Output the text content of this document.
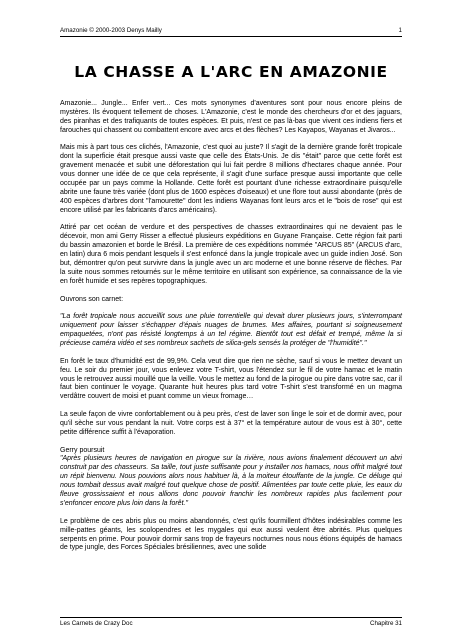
Amazonie © 2000-2003 Denys Mailly	1
LA CHASSE A L'ARC EN AMAZONIE

Amazonie... Jungle... Enfer vert... Ces mots synonymes d'aventures sont pour nous encore pleins de mystères. Ils évoquent tellement de choses. L'Amazonie, c'est le monde des chercheurs d'or et des jaguars, des piranhas et des trafiquants de toutes espèces. Et puis, n'est ce pas là-bas que vivent ces indiens fiers et farouches qui chassent ou combattent encore avec arcs et des flèches? Les Kayapos, Wayanas et Jivaros...

Mais mis à part tous ces clichés, l'Amazonie, c'est quoi au juste? Il s'agit de la dernière grande forêt tropicale dont la superficie était presque aussi vaste que celle des États-Unis. Je dis "était" parce que cette forêt est gravement menacée et subit une déforestation qui lui fait perdre 8 millions d'hectares chaque année. Pour vous donner une idée de ce que cela représente, il s'agit d'une surface presque aussi importante que celle occupée par un pays comme la Hollande. Cette forêt est pourtant d'une richesse extraordinaire puisqu'elle abrite une faune très variée (dont plus de 1600 espèces d'oiseaux) et une flore tout aussi abondante (près de 400 espèces d'arbres dont "l'amourette" dont les indiens Wayanas font leurs arcs et le "bois de rose" qui est encore utilisé par les fabricants d'arcs américains).

Attiré par cet océan de verdure et des perspectives de chasses extraordinaires qui ne devaient pas le décevoir, mon ami Gerry Risser a effectué plusieurs expéditions en Guyane Française. Cette région fait parti du bassin amazonien et borde le Brésil. La première de ces expéditions nommée "ARCUS 85" (ARCUS d'arc, en latin) dura 6 mois pendant lesquels il s'est enfoncé dans la jungle tropicale avec un guide indien José. Son but, démontrer qu'on peut survivre dans la jungle avec un arc moderne et une bonne réserve de flèches. Par la suite nous sommes retournés sur le même territoire en utilisant son expérience, sa connaissance de la vie en forêt humide et ses repères topographiques.

Ouvrons son carnet:

"La forêt tropicale nous accueillit sous une pluie torrentielle qui devait durer plusieurs jours, s'interrompant uniquement pour laisser s'échapper d'épais nuages de brumes. Mes affaires, pourtant si soigneusement empaquetées, n'ont pas résisté longtemps à un tel régime. Bientôt tout est défait et trempé, même la si précieuse caméra vidéo et ses nombreux sachets de silica-gels sensés la protéger de "l'humidité"."

En forêt le taux d'humidité est de 99,9%. Cela veut dire que rien ne sèche, sauf si vous le mettez devant un feu. Le soir du premier jour, vous enlevez votre T-shirt, vous l'étendez sur le fil de votre hamac et le matin vous le retrouvez aussi mouillé que la veille. Vous le mettez au fond de la pirogue ou pire dans votre sac, car il faut bien continuer le voyage. Quarante huit heures plus tard votre T-shirt s'est transformé en un magma verdâtre couvert de moisi et puant comme un vieux fromage…

La seule façon de vivre confortablement ou à peu près, c'est de laver son linge le soir et de dormir avec, pour qu'il sèche sur vous pendant la nuit. Votre corps est à 37° et la température autour de vous est à 30°, cette petite différence suffit à l'évaporation.

Gerry poursuit

"Après plusieurs heures de navigation en pirogue sur la rivière, nous avions finalement découvert un abri construit par des chasseurs. Sa taille, tout juste suffisante pour y installer nos hamacs, nous offrit malgré tout un répit bienvenu. Nous pouvions alors nous habituer là, à la moiteur étouffante de la jungle. Ce déluge qui nous tombait dessus avait malgré tout quelque chose de positif. Alimentées par toute cette pluie, les eaux du fleuve grossissaient et nous allions donc pouvoir franchir les nombreux rapides plus facilement pour s'enfoncer encore plus loin dans la forêt."

Le problème de ces abris plus ou moins abandonnés, c'est qu'ils fourmillent d'hôtes indésirables comme les mille-pattes géants, les scolopendres et les mygales qui eux aussi veulent être abrités. Plus quelques serpents en prime. Pour pouvoir dormir sans trop de frayeurs nocturnes nous nous étions équipés de hamacs de type jungle, des Forces Spéciales brésiliennes, avec une solide

Les Carnets de Crazy Doc	Chapitre 31
